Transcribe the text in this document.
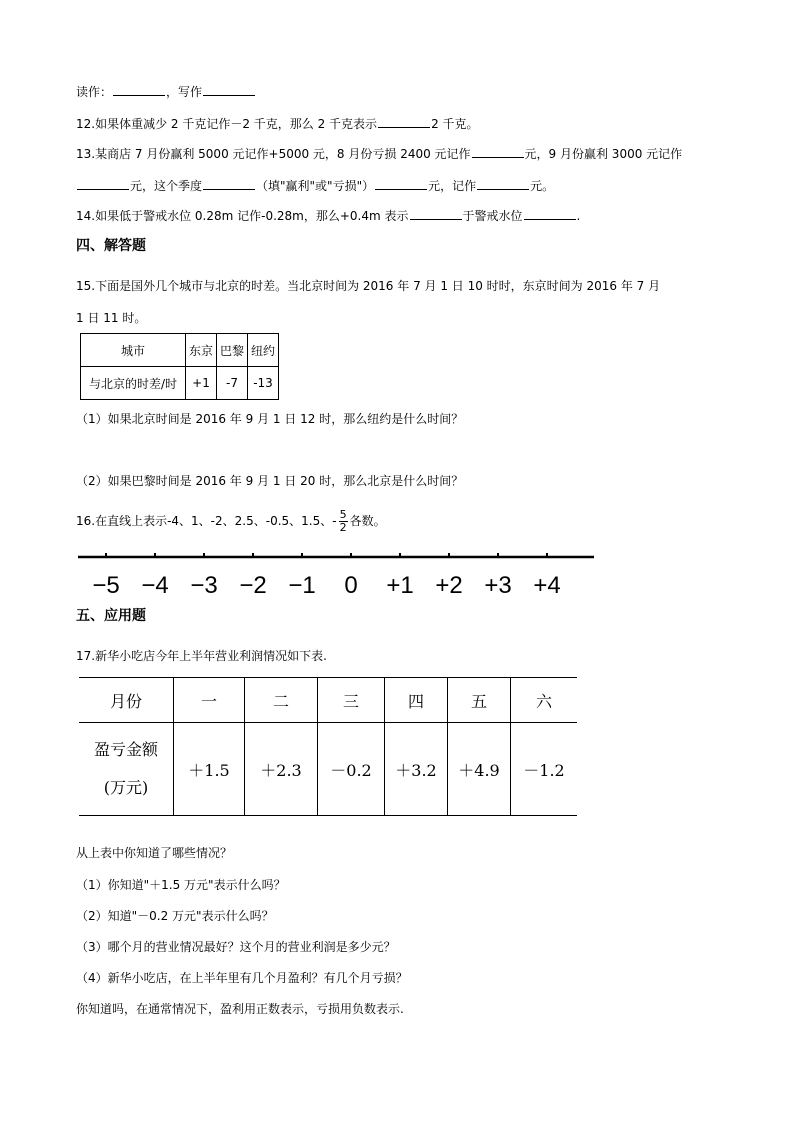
读作：	，写作
12.如果体重减少 2 千克记作－2 千克，那么 2 千克表示	2 千克。
13.某商店 7 月份赢利 5000 元记作+5000 元，8 月份亏损 2400 元记作	元，9 月份赢利 3000 元记作
元，这个季度	（填"赢利"或"亏损"）	元，记作	元。
14.如果低于警戒水位 0.28m 记作-0.28m，那么+0.4m 表示	于警戒水位	.
四、解答题
15.下面是国外几个城市与北京的时差。当北京时间为 2016 年 7 月 1 日 10 时时，东京时间为 2016 年 7 月
1 日 11 时。
城市	东京	巴黎	纽约
与北京的时差/时	+1	-7	-13
（1）如果北京时间是 2016 年 9 月 1 日 12 时，那么纽约是什么时间？
（2）如果巴黎时间是 2016 年 9 月 1 日 20 时，那么北京是什么时间？
16.在直线上表示-4、1、-2、2.5、-0.5、1.5、- $\frac{5}{2}$ 各数。
−5 −4 −3 −2 −1 0 +1 +2 +3 +4
五、应用题
17.新华小吃店今年上半年营业利润情况如下表.
月份	一	二	三	四	五	六
盈亏金额
(万元)	＋1.5	＋2.3	－0.2	＋3.2	＋4.9	－1.2
从上表中你知道了哪些情况？
（1）你知道"＋1.5 万元"表示什么吗？
（2）知道"－0.2 万元"表示什么吗？
（3）哪个月的营业情况最好？这个月的营业利润是多少元？
（4）新华小吃店，在上半年里有几个月盈利？有几个月亏损？
你知道吗，在通常情况下，盈利用正数表示，亏损用负数表示.
